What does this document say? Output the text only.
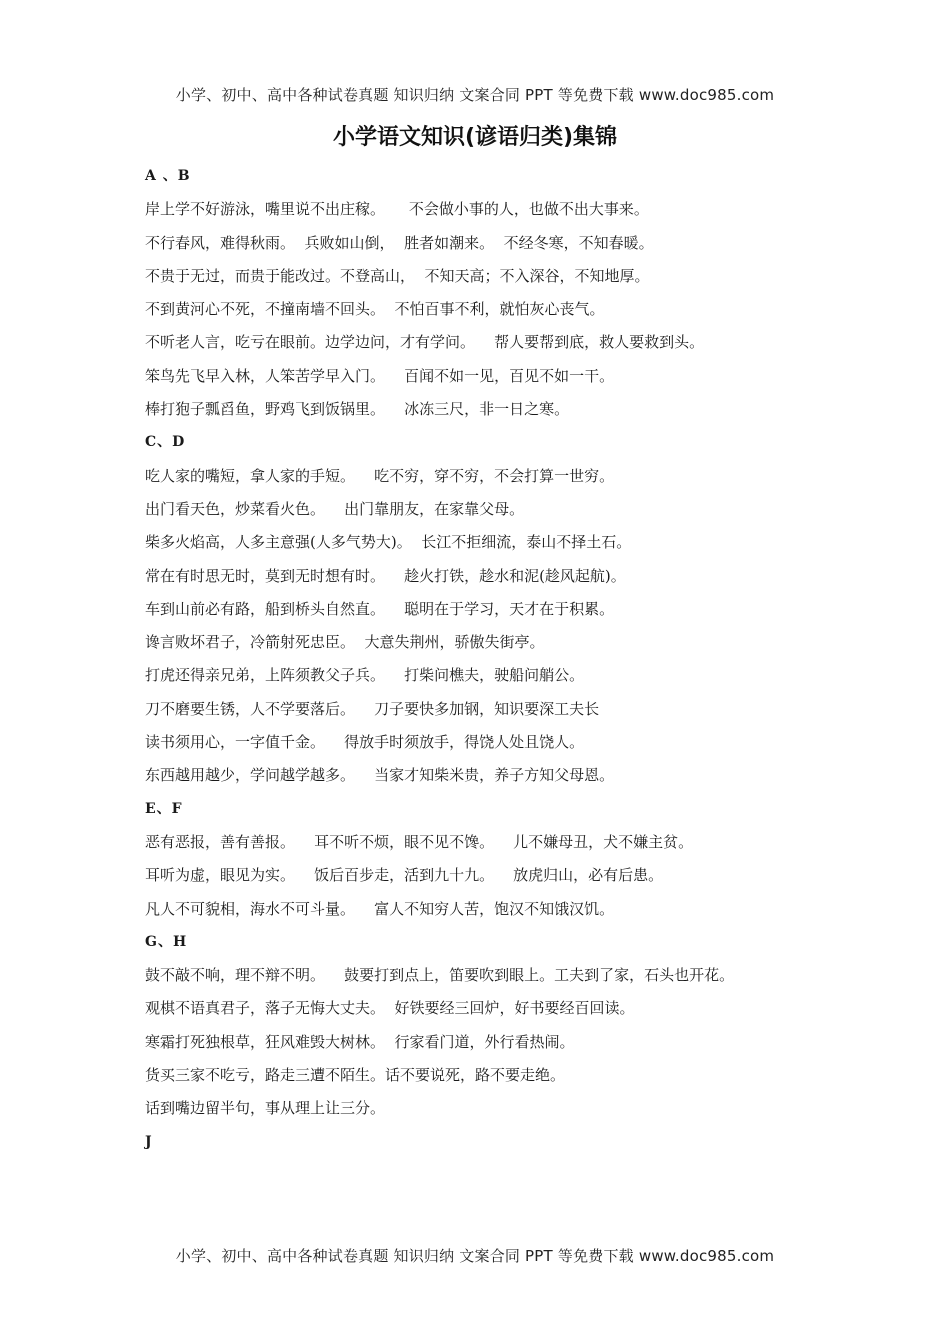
小学、初中、高中各种试卷真题 知识归纳 文案合同 PPT 等免费下载 www.doc985.com
小学语文知识(谚语归类)集锦
A 、B
岸上学不好游泳，嘴里说不出庄稼。     不会做小事的人，也做不出大事来。
不行春风，难得秋雨。  兵败如山倒，  胜者如潮来。  不经冬寒，不知春暖。
不贵于无过，而贵于能改过。不登高山，  不知天高；不入深谷，不知地厚。
不到黄河心不死，不撞南墙不回头。  不怕百事不利，就怕灰心丧气。
不听老人言，吃亏在眼前。边学边问，才有学问。    帮人要帮到底，救人要救到头。
笨鸟先飞早入林，人笨苦学早入门。    百闻不如一见，百见不如一干。
棒打狍子瓢舀鱼，野鸡飞到饭锅里。    冰冻三尺，非一日之寒。
C、D
吃人家的嘴短，拿人家的手短。    吃不穷，穿不穷，不会打算一世穷。
出门看天色，炒菜看火色。    出门靠朋友，在家靠父母。
柴多火焰高，人多主意强(人多气势大)。  长江不拒细流，泰山不择土石。
常在有时思无时，莫到无时想有时。    趁火打铁，趁水和泥(趁风起航)。
车到山前必有路，船到桥头自然直。    聪明在于学习，天才在于积累。
谗言败坏君子，冷箭射死忠臣。  大意失荆州，骄傲失街亭。
打虎还得亲兄弟，上阵须教父子兵。    打柴问樵夫，驶船问艄公。
刀不磨要生锈，人不学要落后。    刀子要快多加钢，知识要深工夫长
读书须用心，一字值千金。    得放手时须放手，得饶人处且饶人。
东西越用越少，学问越学越多。    当家才知柴米贵，养子方知父母恩。
E、F
恶有恶报，善有善报。    耳不听不烦，眼不见不馋。    儿不嫌母丑，犬不嫌主贫。
耳听为虚，眼见为实。    饭后百步走，活到九十九。    放虎归山，必有后患。
凡人不可貌相，海水不可斗量。    富人不知穷人苦，饱汉不知饿汉饥。
G、H
鼓不敲不响，理不辩不明。    鼓要打到点上，笛要吹到眼上。工夫到了家，石头也开花。
观棋不语真君子，落子无悔大丈夫。  好铁要经三回炉，好书要经百回读。
寒霜打死独根草，狂风难毁大树林。  行家看门道，外行看热闹。
货买三家不吃亏，路走三遭不陌生。话不要说死，路不要走绝。
话到嘴边留半句，事从理上让三分。
J
小学、初中、高中各种试卷真题 知识归纳 文案合同 PPT 等免费下载 www.doc985.com
